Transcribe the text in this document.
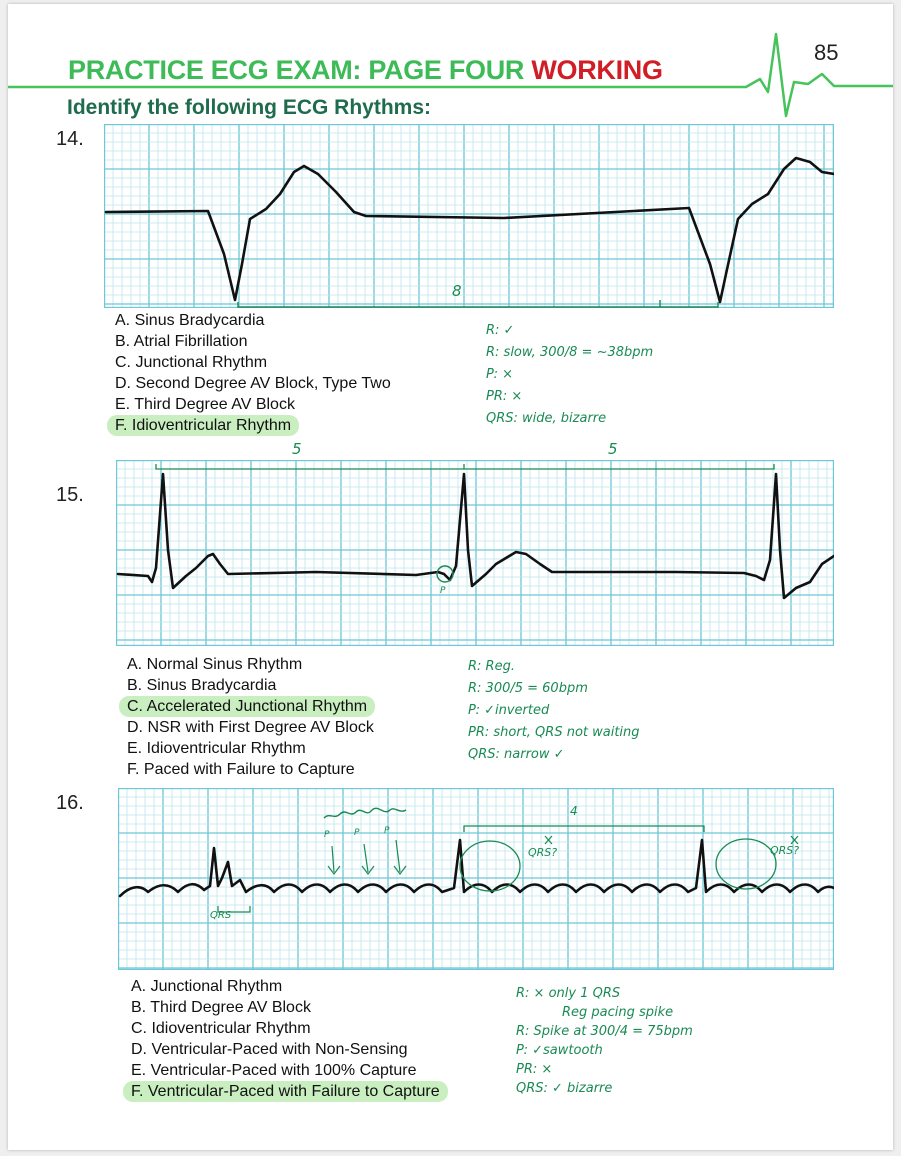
85
PRACTICE ECG EXAM: PAGE FOUR WORKING
Identify the following ECG Rhythms:
14.
8
A. Sinus Bradycardia
B. Atrial Fibrillation
C. Junctional Rhythm
D. Second Degree AV Block, Type Two
E. Third Degree AV Block
F. Idioventricular Rhythm
R: ✓
R: slow, 300/8 = ~38bpm
P: ×
PR: ×
QRS: wide, bizarre
5	5
15.
P
A. Normal Sinus Rhythm
B. Sinus Bradycardia
C. Accelerated Junctional Rhythm
D. NSR with First Degree AV Block
E. Idioventricular Rhythm
F. Paced with Failure to Capture
R: Reg.
R: 300/5 = 60bpm
P: ✓inverted
PR: short, QRS not waiting
QRS: narrow ✓
16.	4
P	P	P
QRS?	QRS?
QRS
A. Junctional Rhythm
B. Third Degree AV Block
C. Idioventricular Rhythm
D. Ventricular-Paced with Non-Sensing
E. Ventricular-Paced with 100% Capture
F. Ventricular-Paced with Failure to Capture
R: × only 1 QRS
Reg pacing spike
R: Spike at 300/4 = 75bpm
P: ✓sawtooth
PR: ×
QRS: ✓ bizarre
